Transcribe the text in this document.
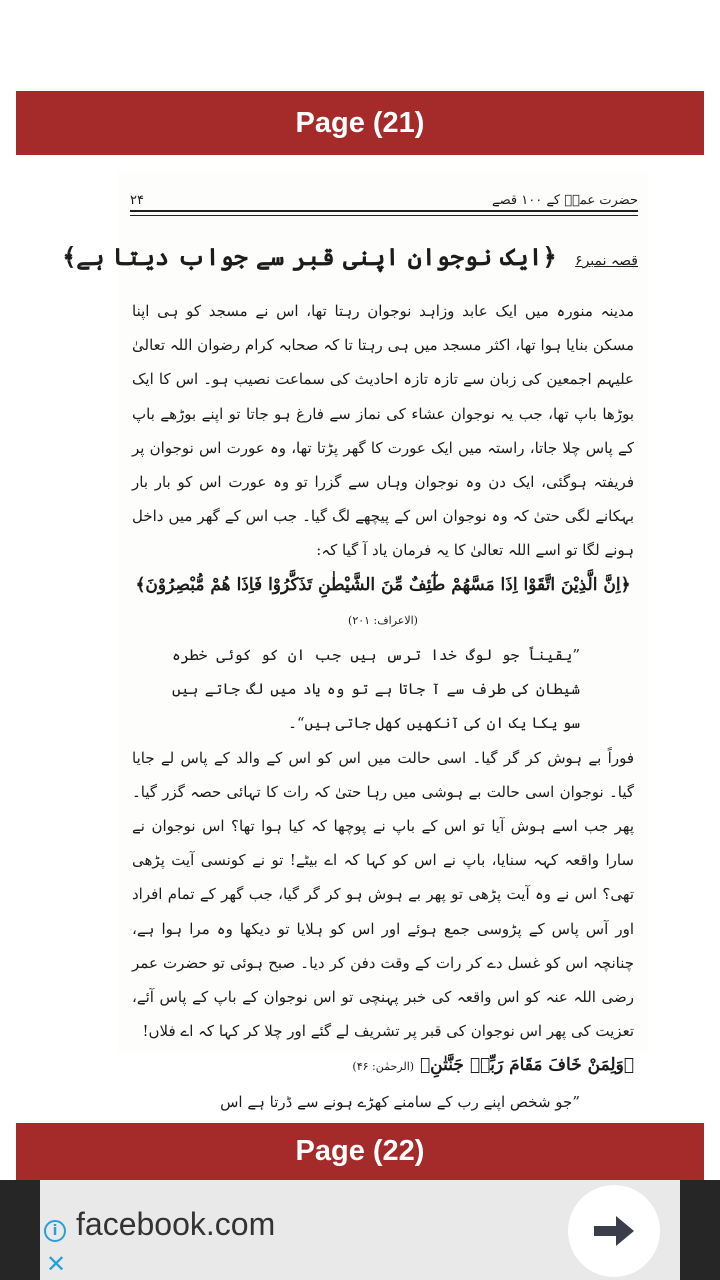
Page (21)
حضرت عمرؓ کے ۱۰۰ قصے
۲۴
قصہ نمبر۶ ﴿ایک نوجوان اپنی قبر سے جواب دیتا ہے﴾

مدینہ منورہ میں ایک عابد وزاہد نوجوان رہتا تھا، اس نے مسجد کو ہی اپنا مسکن بنایا ہوا تھا، اکثر مسجد میں ہی رہتا تا کہ صحابہ کرام رضوان اللہ تعالیٰ علیہم اجمعین کی زبان سے تازہ تازہ احادیث کی سماعت نصیب ہو۔ اس کا ایک بوڑھا باپ تھا، جب یہ نوجوان عشاء کی نماز سے فارغ ہو جاتا تو اپنے بوڑھے باپ کے پاس چلا جاتا، راستہ میں ایک عورت کا گھر پڑتا تھا، وہ عورت اس نوجوان پر فریفتہ ہوگئی، ایک دن وہ نوجوان وہاں سے گزرا تو وہ عورت اس کو بار بار بہکانے لگی حتیٰ کہ وہ نوجوان اس کے پیچھے لگ گیا۔ جب اس کے گھر میں داخل ہونے لگا تو اسے اللہ تعالیٰ کا یہ فرمان یاد آ گیا کہ:

﴿اِنَّ الَّذِیْنَ اتَّقَوْا اِذَا مَسَّھُمْ طٰٓئِفٌ مِّنَ الشَّیْطٰنِ تَذَکَّرُوْا فَاِذَا ھُمْ مُّبْصِرُوْنَ﴾ (الاعراف: ۲۰۱)

”یقیناً جو لوگ خدا ترس ہیں جب ان کو کوئی خطرہ شیطان کی طرف سے آ جاتا ہے تو وہ یاد میں لگ جاتے ہیں سو یکا یک ان کی آنکھیں کھل جاتی ہیں“۔

فوراً بے ہوش کر گر گیا۔ اسی حالت میں اس کو اس کے والد کے پاس لے جایا گیا۔ نوجوان اسی حالت بے ہوشی میں رہا حتیٰ کہ رات کا تہائی حصہ گزر گیا۔ پھر جب اسے ہوش آیا تو اس کے باپ نے پوچھا کہ کیا ہوا تھا؟ اس نوجوان نے سارا واقعہ کہہ سنایا، باپ نے اس کو کہا کہ اے بیٹے! تو نے کونسی آیت پڑھی تھی؟ اس نے وہ آیت پڑھی تو پھر بے ہوش ہو کر گر گیا، جب گھر کے تمام افراد اور آس پاس کے پڑوسی جمع ہوئے اور اس کو ہلایا تو دیکھا وہ مرا ہوا ہے، چنانچہ اس کو غسل دے کر رات کے وقت دفن کر دیا۔ صبح ہوئی تو حضرت عمر رضی اللہ عنہ کو اس واقعہ کی خبر پہنچی تو اس نوجوان کے باپ کے پاس آئے، تعزیت کی پھر اس نوجوان کی قبر پر تشریف لے گئے اور چلا کر کہا کہ اے فلاں!

﴿وَلِمَنْ خَافَ مَقَامَ رَبِّهٖ جَنَّتٰنِ﴾ (الرحمٰن: ۴۶)

”جو شخص اپنے رب کے سامنے کھڑے ہونے سے ڈرتا ہے اس

Page (22)
i facebook.com
✕
